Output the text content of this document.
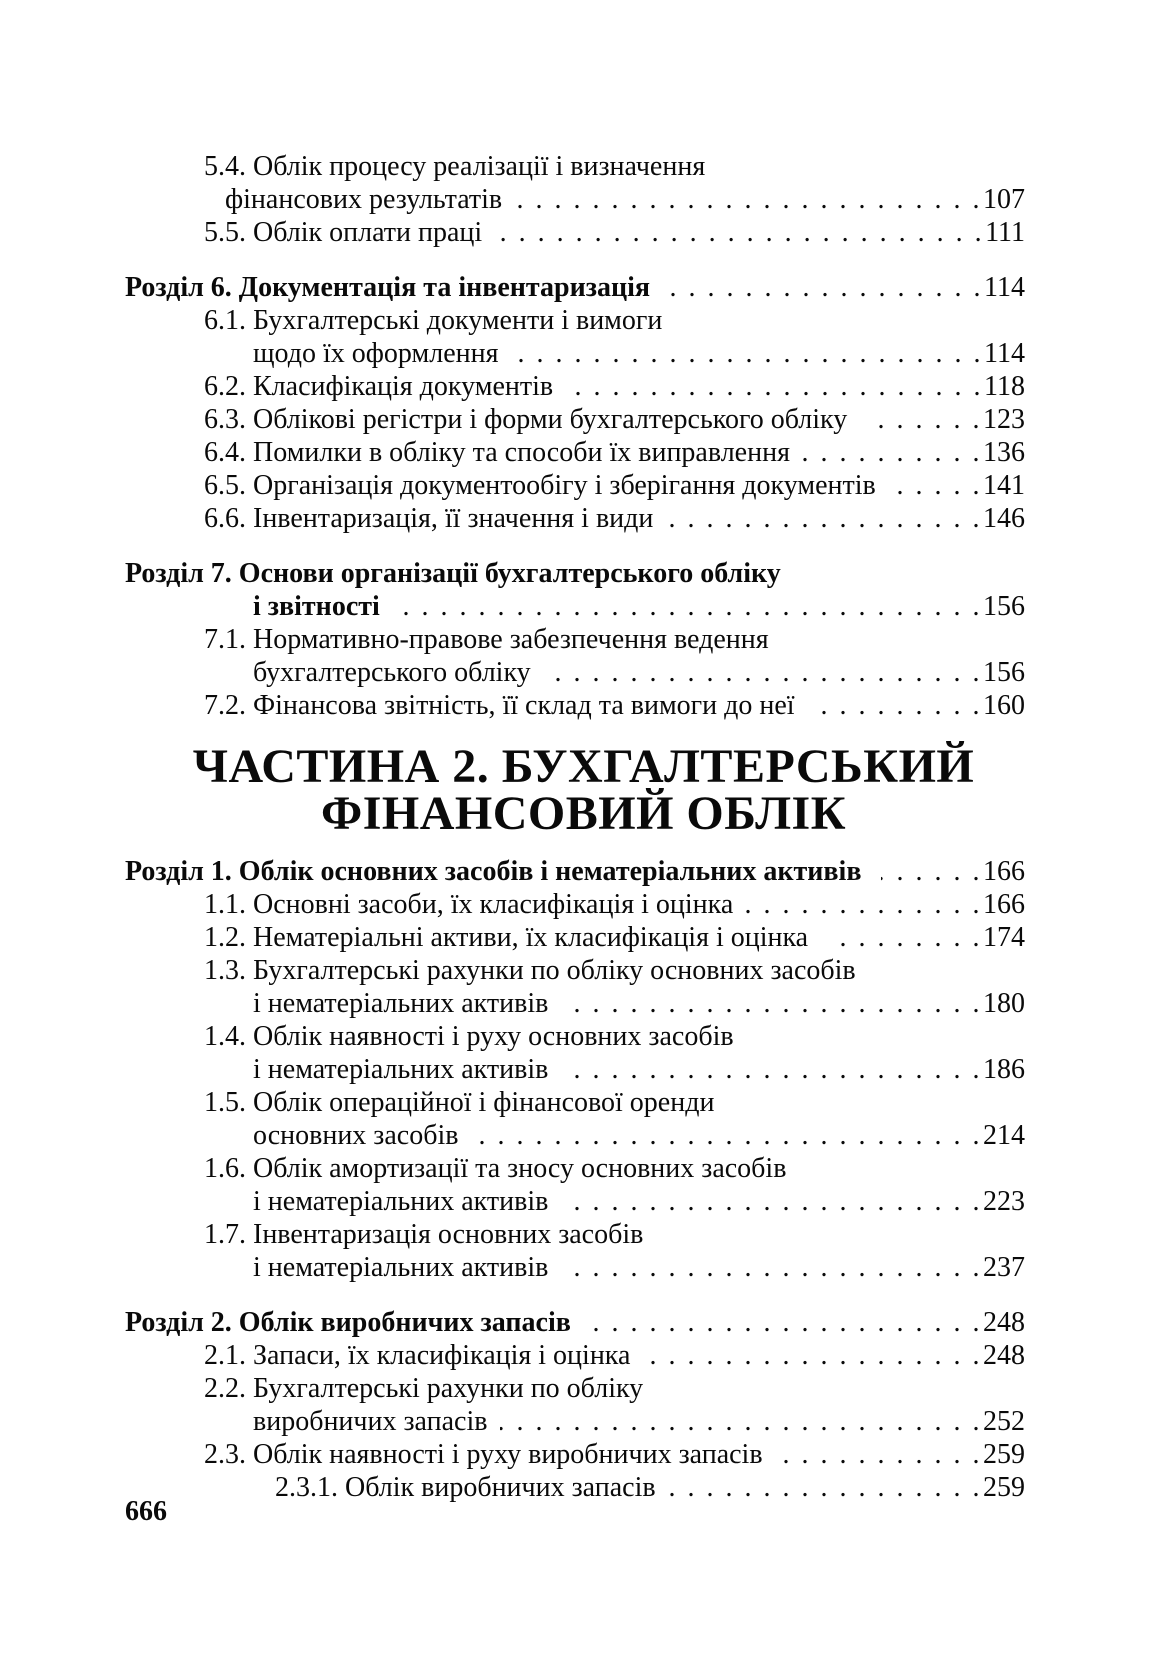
5.4. Облік процесу реалізації і визначення
фінансових результатів . . .	107
5.5. Облік оплати праці . . .	111
Розділ 6. Документація та інвентаризація . . .	114
6.1. Бухгалтерські документи і вимоги
щодо їх оформлення . . .	114
6.2. Класифікація документів . . .	118
6.3. Облікові регістри і форми бухгалтерського обліку . . .	123
6.4. Помилки в обліку та способи їх виправлення . . .	136
6.5. Організація документообігу і зберігання документів . . .	141
6.6. Інвентаризація, її значення і види . . .	146
Розділ 7. Основи організації бухгалтерського обліку
і звітності . . .	156
7.1. Нормативно-правове забезпечення ведення
бухгалтерського обліку . . .	156
7.2. Фінансова звітність, її склад та вимоги до неї . . .	160
ЧАСТИНА 2. БУХГАЛТЕРСЬКИЙ
ФІНАНСОВИЙ ОБЛІК
Розділ 1. Облік основних засобів і нематеріальних активів . . .	166
1.1. Основні засоби, їх класифікація і оцінка . . .	166
1.2. Нематеріальні активи, їх класифікація і оцінка . . .	174
1.3. Бухгалтерські рахунки по обліку основних засобів
і нематеріальних активів . . .	180
1.4. Облік наявності і руху основних засобів
і нематеріальних активів . . .	186
1.5. Облік операційної і фінансової оренди
основних засобів . . .	214
1.6. Облік амортизації та зносу основних засобів
і нематеріальних активів . . .	223
1.7. Інвентаризація основних засобів
і нематеріальних активів . . .	237
Розділ 2. Облік виробничих запасів . . .	248
2.1. Запаси, їх класифікація і оцінка . . .	248
2.2. Бухгалтерські рахунки по обліку
виробничих запасів . . .	252
2.3. Облік наявності і руху виробничих запасів . . .	259
2.3.1. Облік виробничих запасів . . .	259
666
